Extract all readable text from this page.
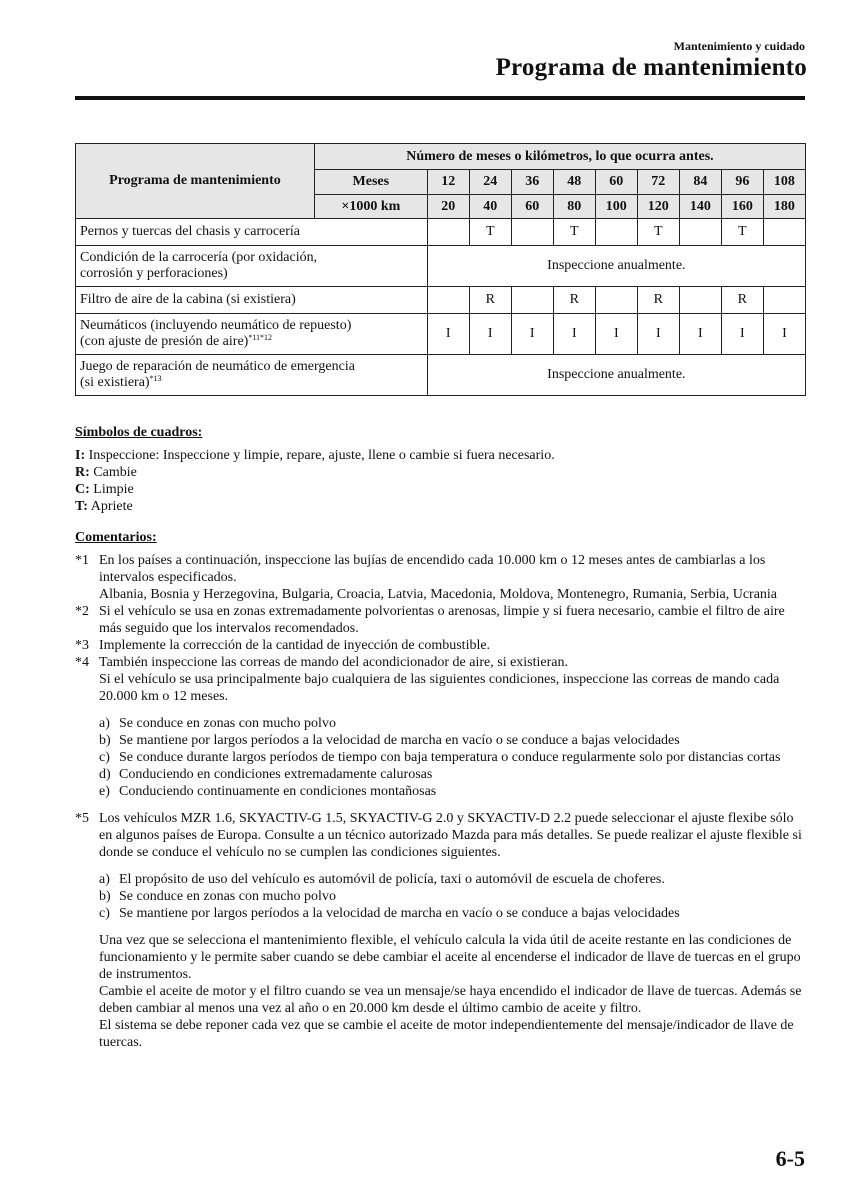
Mantenimiento y cuidado
Programa de mantenimiento
Programa de mantenimiento	Número de meses o kilómetros, lo que ocurra antes.									
	Meses	12	24	36	48	60	72	84	96	108
	×1000 km	20	40	60	80	100	120	140	160	180
Pernos y tuercas del chasis y carrocería			T		T		T		T	

Condición de la carrocería (por oxidación,
corrosión y perforaciones)		Inspeccione anualmente.								
Filtro de aire de la cabina (si existiera)			R		R		R		R	

Neumáticos (incluyendo neumático de repuesto)
(con ajuste de presión de aire)$^{*11*12}$		I	I	I	I	I	I	I	I	I

Juego de reparación de neumático de emergencia
(si existiera)$^{*13}$		Inspeccione anualmente.								
Símbolos de cuadros:
I: Inspeccione: Inspeccione y limpie, repare, ajuste, llene o cambie si fuera necesario.
R: Cambie
C: Limpie
T: Apriete
Comentarios:
*1 En los países a continuación, inspeccione las bujías de encendido cada 10.000 km o 12 meses antes de cambiarlas a los intervalos especificados.
Albania, Bosnia y Herzegovina, Bulgaria, Croacia, Latvia, Macedonia, Moldova, Montenegro, Rumania, Serbia, Ucrania
*2 Si el vehículo se usa en zonas extremadamente polvorientas o arenosas, limpie y si fuera necesario, cambie el filtro de aire más seguido que los intervalos recomendados.
*3 Implemente la corrección de la cantidad de inyección de combustible.
*4 También inspeccione las correas de mando del acondicionador de aire, si existieran.
Si el vehículo se usa principalmente bajo cualquiera de las siguientes condiciones, inspeccione las correas de mando cada 20.000 km o 12 meses.
a) Se conduce en zonas con mucho polvo
b) Se mantiene por largos períodos a la velocidad de marcha en vacío o se conduce a bajas velocidades
c) Se conduce durante largos períodos de tiempo con baja temperatura o conduce regularmente solo por distancias cortas
d) Conduciendo en condiciones extremadamente calurosas
e) Conduciendo continuamente en condiciones montañosas
*5 Los vehículos MZR 1.6, SKYACTIV-G 1.5, SKYACTIV-G 2.0 y SKYACTIV-D 2.2 puede seleccionar el ajuste flexibe sólo en algunos países de Europa. Consulte a un técnico autorizado Mazda para más detalles. Se puede realizar el ajuste flexible si donde se conduce el vehículo no se cumplen las condiciones siguientes.
a) El propósito de uso del vehículo es automóvil de policía, taxi o automóvil de escuela de choferes.
b) Se conduce en zonas con mucho polvo
c) Se mantiene por largos períodos a la velocidad de marcha en vacío o se conduce a bajas velocidades
Una vez que se selecciona el mantenimiento flexible, el vehículo calcula la vida útil de aceite restante en las condiciones de funcionamiento y le permite saber cuando se debe cambiar el aceite al encenderse el indicador de llave de tuercas en el grupo de instrumentos.
Cambie el aceite de motor y el filtro cuando se vea un mensaje/se haya encendido el indicador de llave de tuercas. Además se deben cambiar al menos una vez al año o en 20.000 km desde el último cambio de aceite y filtro.
El sistema se debe reponer cada vez que se cambie el aceite de motor independientemente del mensaje/indicador de llave de tuercas.
6-5
